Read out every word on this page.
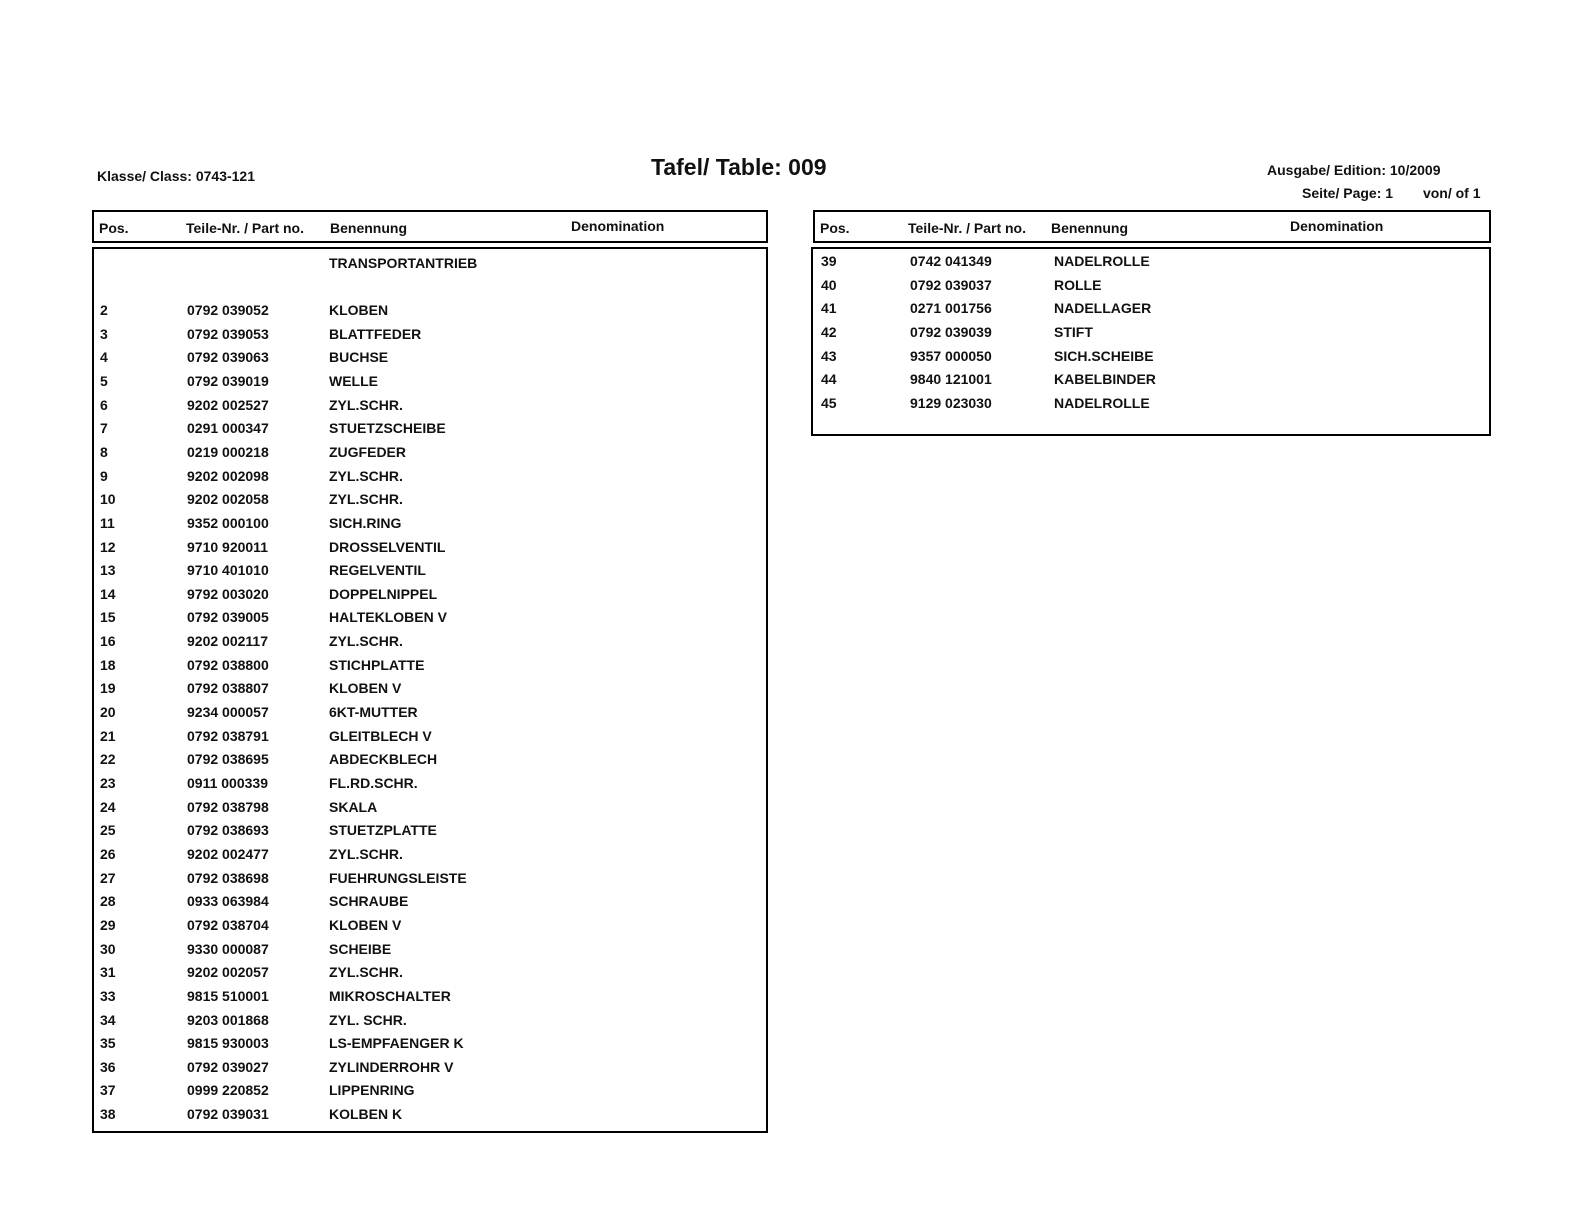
Klasse/ Class: 0743-121	Tafel/ Table: 009	Ausgabe/ Edition: 10/2009
Seite/ Page: 1 von/ of 1
Pos.	Teile-Nr. / Part no. Benennung	Denomination
TRANSPORTANTRIEB
2	0792 039052	KLOBEN
3	0792 039053	BLATTFEDER
4	0792 039063	BUCHSE
5	0792 039019	WELLE
6	9202 002527	ZYL.SCHR.
7	0291 000347	STUETZSCHEIBE
8	0219 000218	ZUGFEDER
9	9202 002098	ZYL.SCHR.
10	9202 002058	ZYL.SCHR.
11	9352 000100	SICH.RING
12	9710 920011	DROSSELVENTIL
13	9710 401010	REGELVENTIL
14	9792 003020	DOPPELNIPPEL
15	0792 039005	HALTEKLOBEN V
16	9202 002117	ZYL.SCHR.
18	0792 038800	STICHPLATTE
19	0792 038807	KLOBEN V
20	9234 000057	6KT-MUTTER
21	0792 038791	GLEITBLECH V
22	0792 038695	ABDECKBLECH
23	0911 000339	FL.RD.SCHR.
24	0792 038798	SKALA
25	0792 038693	STUETZPLATTE
26	9202 002477	ZYL.SCHR.
27	0792 038698	FUEHRUNGSLEISTE
28	0933 063984	SCHRAUBE
29	0792 038704	KLOBEN V
30	9330 000087	SCHEIBE
31	9202 002057	ZYL.SCHR.
33	9815 510001	MIKROSCHALTER
34	9203 001868	ZYL. SCHR.
35	9815 930003	LS-EMPFAENGER K
36	0792 039027	ZYLINDERROHR V
37	0999 220852	LIPPENRING
38	0792 039031	KOLBEN K
Pos.	Teile-Nr. / Part no. Benennung	Denomination
39	0742 041349	NADELROLLE
40	0792 039037	ROLLE
41	0271 001756	NADELLAGER
42	0792 039039	STIFT
43	9357 000050	SICH.SCHEIBE
44	9840 121001	KABELBINDER
45	9129 023030	NADELROLLE
